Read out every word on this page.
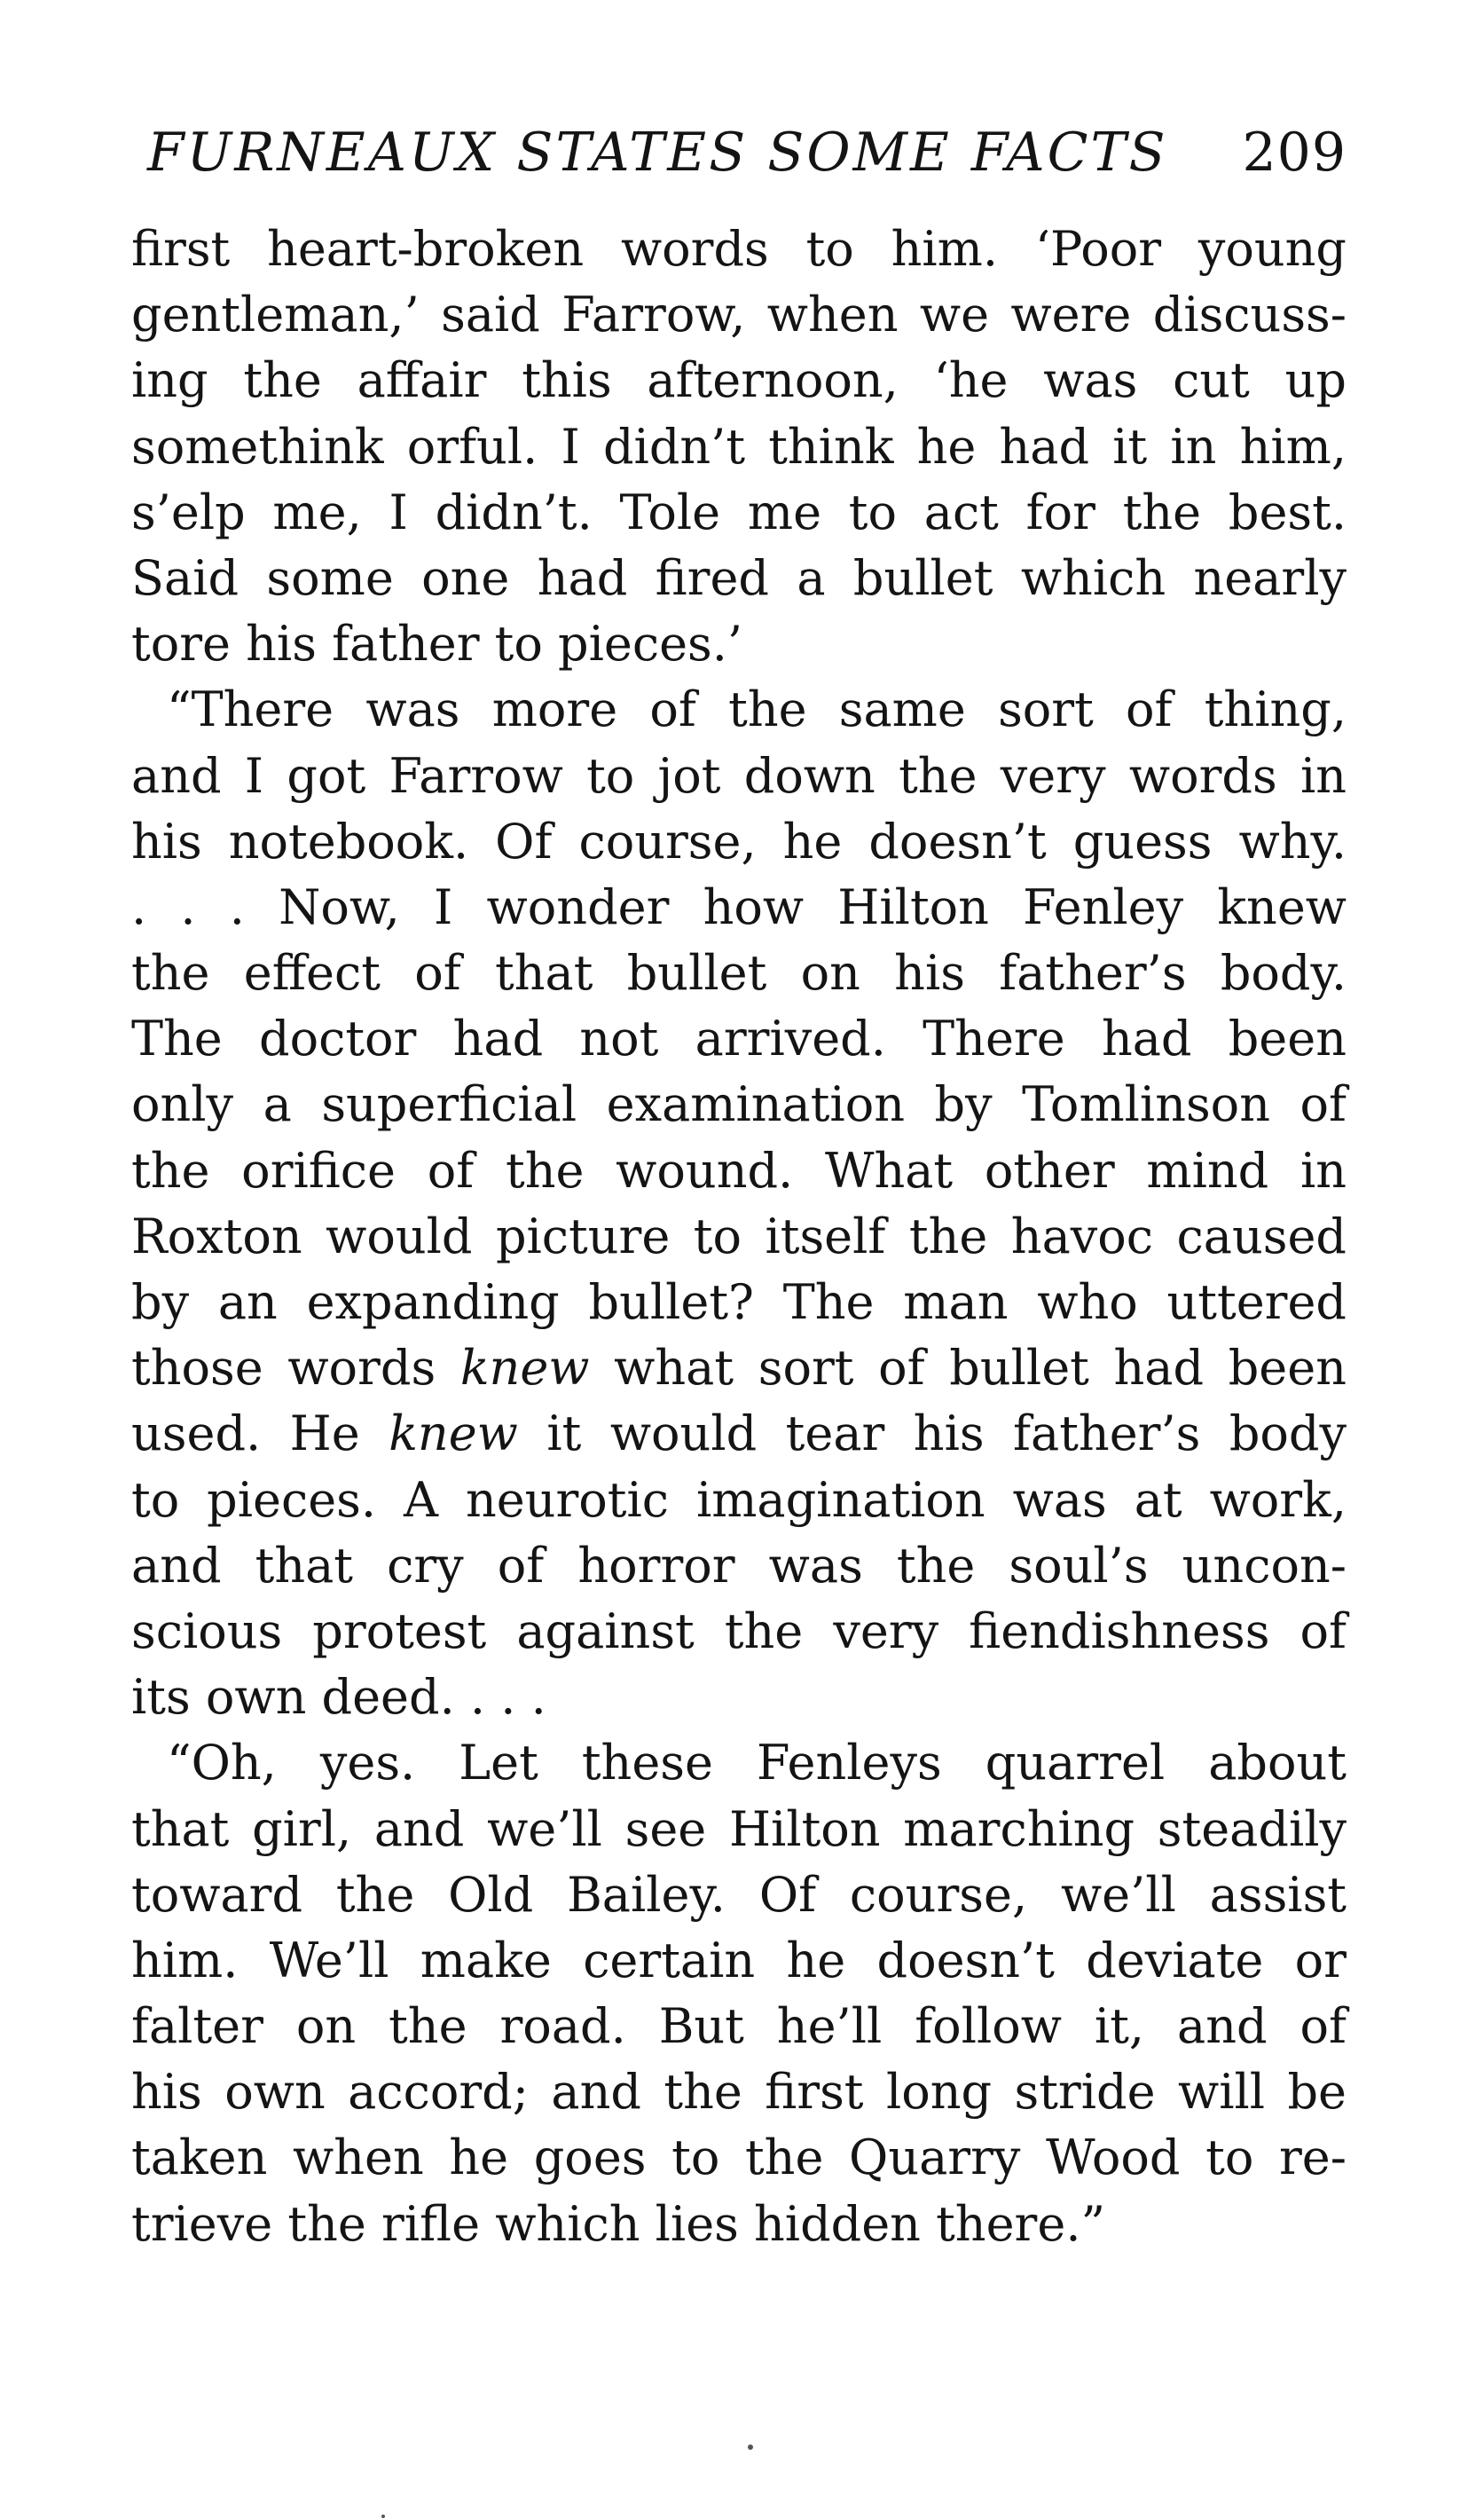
FURNEAUX STATES SOME FACTS 209
first heart-broken words to him. ‘Poor young
gentleman,’ said Farrow, when we were discuss-
ing the affair this afternoon, ‘he was cut up
somethink orful. I didn’t think he had it in him,
s’elp me, I didn’t. Tole me to act for the best.
Said some one had fired a bullet which nearly
tore his father to pieces.’
“There was more of the same sort of thing,
and I got Farrow to jot down the very words in
his notebook. Of course, he doesn’t guess why.
. . . Now, I wonder how Hilton Fenley knew
the effect of that bullet on his father’s body.
The doctor had not arrived. There had been
only a superficial examination by Tomlinson of
the orifice of the wound. What other mind in
Roxton would picture to itself the havoc caused
by an expanding bullet? The man who uttered
those words knew what sort of bullet had been
used. He knew it would tear his father’s body
to pieces. A neurotic imagination was at work,
and that cry of horror was the soul’s uncon-
scious protest against the very fiendishness of
its own deed. . . .
“Oh, yes. Let these Fenleys quarrel about
that girl, and we’ll see Hilton marching steadily
toward the Old Bailey. Of course, we’ll assist
him. We’ll make certain he doesn’t deviate or
falter on the road. But he’ll follow it, and of
his own accord; and the first long stride will be
taken when he goes to the Quarry Wood to re-
trieve the rifle which lies hidden there.”
